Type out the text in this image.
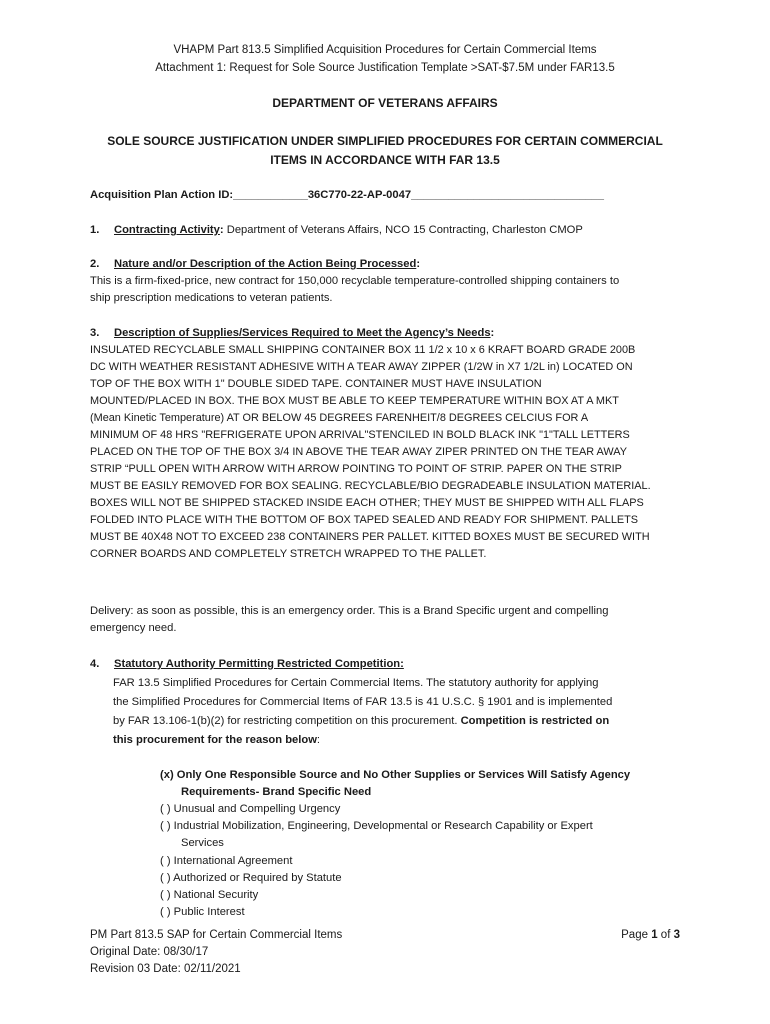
VHAPM Part 813.5 Simplified Acquisition Procedures for Certain Commercial Items
Attachment 1: Request for Sole Source Justification Template >SAT-$7.5M under FAR13.5
DEPARTMENT OF VETERANS AFFAIRS
SOLE SOURCE JUSTIFICATION UNDER SIMPLIFIED PROCEDURES FOR CERTAIN COMMERCIAL
ITEMS IN ACCORDANCE WITH FAR 13.5
Acquisition Plan Action ID:____________36C770-22-AP-0047_______________________________
1. Contracting Activity: Department of Veterans Affairs, NCO 15 Contracting, Charleston CMOP
2. Nature and/or Description of the Action Being Processed:
This is a firm-fixed-price, new contract for 150,000 recyclable temperature-controlled shipping containers to ship prescription medications to veteran patients.
3. Description of Supplies/Services Required to Meet the Agency’s Needs:
INSULATED RECYCLABLE SMALL SHIPPING CONTAINER BOX 11 1/2 x 10 x 6 KRAFT BOARD GRADE 200B
DC WITH WEATHER RESISTANT ADHESIVE WITH A TEAR AWAY ZIPPER (1/2W in X7 1/2L in) LOCATED ON
TOP OF THE BOX WITH 1" DOUBLE SIDED TAPE. CONTAINER MUST HAVE INSULATION
MOUNTED/PLACED IN BOX. THE BOX MUST BE ABLE TO KEEP TEMPERATURE WITHIN BOX AT A MKT
(Mean Kinetic Temperature) AT OR BELOW 45 DEGREES FARENHEIT/8 DEGREES CELCIUS FOR A
MINIMUM OF 48 HRS "REFRIGERATE UPON ARRIVAL"STENCILED IN BOLD BLACK INK "1"TALL LETTERS
PLACED ON THE TOP OF THE BOX 3/4 IN ABOVE THE TEAR AWAY ZIPER PRINTED ON THE TEAR AWAY
STRIP “PULL OPEN WITH ARROW WITH ARROW POINTING TO POINT OF STRIP. PAPER ON THE STRIP
MUST BE EASILY REMOVED FOR BOX SEALING. RECYCLABLE/BIO DEGRADEABLE INSULATION MATERIAL.
BOXES WILL NOT BE SHIPPED STACKED INSIDE EACH OTHER; THEY MUST BE SHIPPED WITH ALL FLAPS
FOLDED INTO PLACE WITH THE BOTTOM OF BOX TAPED SEALED AND READY FOR SHIPMENT. PALLETS
MUST BE 40X48 NOT TO EXCEED 238 CONTAINERS PER PALLET. KITTED BOXES MUST BE SECURED WITH
CORNER BOARDS AND COMPLETELY STRETCH WRAPPED TO THE PALLET.
Delivery: as soon as possible, this is an emergency order. This is a Brand Specific urgent and compelling
emergency need.
4. Statutory Authority Permitting Restricted Competition:
FAR 13.5 Simplified Procedures for Certain Commercial Items. The statutory authority for applying
the Simplified Procedures for Commercial Items of FAR 13.5 is 41 U.S.C. § 1901 and is implemented
by FAR 13.106-1(b)(2) for restricting competition on this procurement. Competition is restricted on
this procurement for the reason below:
(x) Only One Responsible Source and No Other Supplies or Services Will Satisfy Agency
Requirements- Brand Specific Need
( ) Unusual and Compelling Urgency
( ) Industrial Mobilization, Engineering, Developmental or Research Capability or Expert
Services
( ) International Agreement
( ) Authorized or Required by Statute
( ) National Security
( ) Public Interest
PM Part 813.5 SAP for Certain Commercial Items
Original Date: 08/30/17
Revision 03 Date: 02/11/2021
Page 1 of 3
